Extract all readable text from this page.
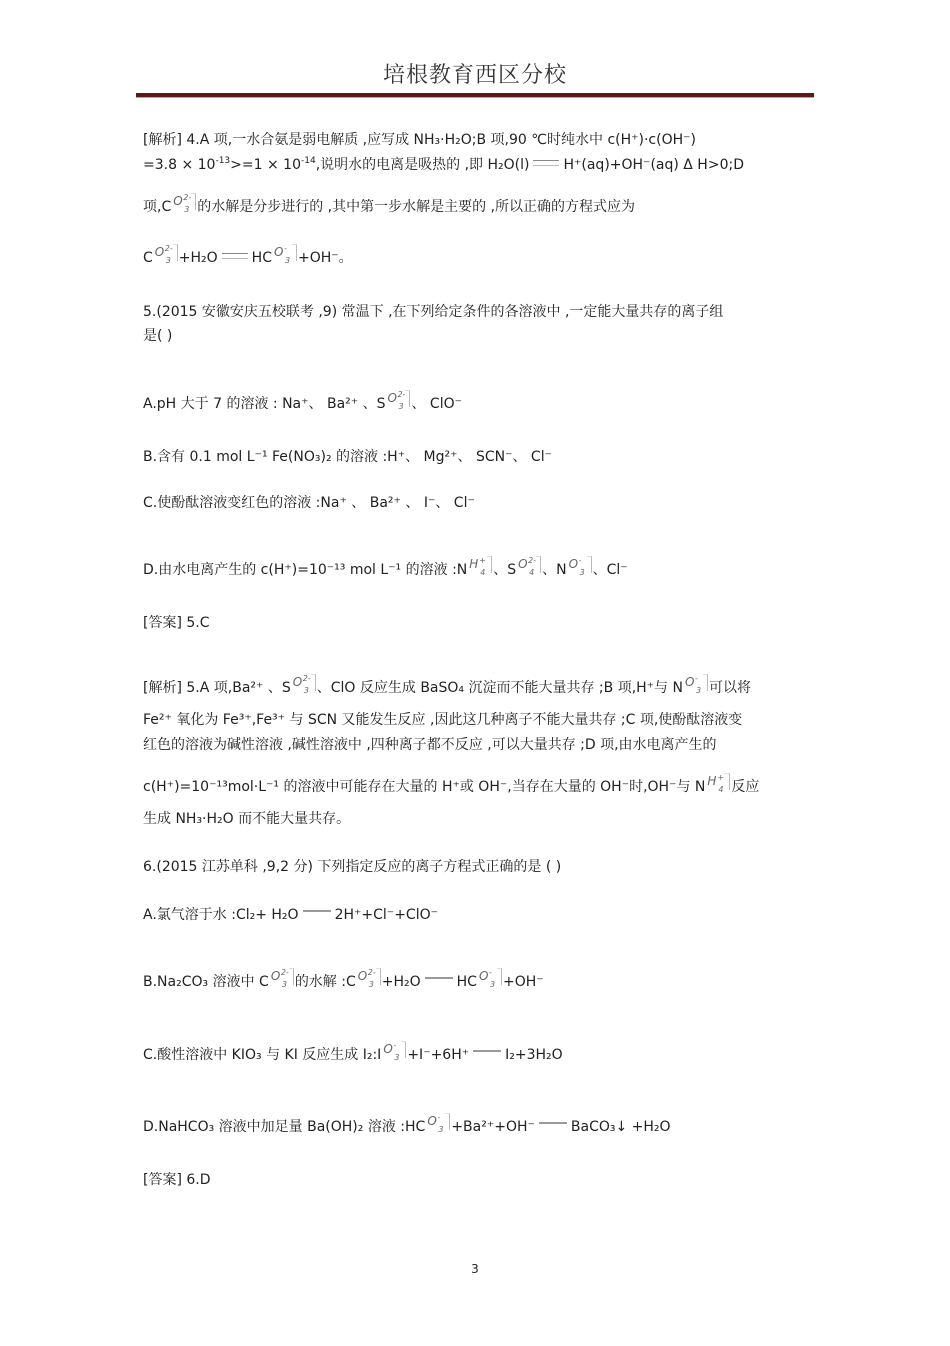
培根教育西区分校
[解析] 4.A 项,一水合氨是弱电解质 ,应写成 NH₃·H₂O;B 项,90 ℃时纯水中 c(H⁺)·c(OH⁻)
$=3.8 \times 10^{-13}>=1 \times 10^{-14}$,说明水的电离是吸热的 ,即 H₂O(l) H⁺(aq)+OH⁻(aq) Δ H>0;D
项,C O 2-
3 的水解是分步进行的 ,其中第一步水解是主要的 ,所以正确的方程式应为
C O 2-
3 +H₂O HC O -
3 +OH⁻。
5.(2015 安徽安庆五校联考 ,9) 常温下 ,在下列给定条件的各溶液中 ,一定能大量共存的离子组
是( )
A.pH 大于 7 的溶液 : Na⁺、 Ba²⁺ 、S O 2-
3 、 ClO⁻
B.含有 0.1 mol L⁻¹ Fe(NO₃)₂ 的溶液 :H⁺、 Mg²⁺、 SCN⁻、 Cl⁻
C.使酚酞溶液变红色的溶液 :Na⁺ 、 Ba²⁺ 、 I⁻、 Cl⁻
D.由水电离产生的 c(H⁺)=10⁻¹³ mol L⁻¹ 的溶液 :N H +
4 、S O 2-
4 、N O -
3 、Cl⁻
[答案] 5.C
[解析] 5.A 项,Ba²⁺ 、S O 2-
3 、ClO 反应生成 BaSO₄ 沉淀而不能大量共存 ;B 项,H⁺与 N O -
3 可以将
Fe²⁺ 氧化为 Fe³⁺,Fe³⁺ 与 SCN 又能发生反应 ,因此这几种离子不能大量共存 ;C 项,使酚酞溶液变
红色的溶液为碱性溶液 ,碱性溶液中 ,四种离子都不反应 ,可以大量共存 ;D 项,由水电离产生的
c(H⁺)=10⁻¹³mol·L⁻¹ 的溶液中可能存在大量的 H⁺或 OH⁻,当存在大量的 OH⁻时,OH⁻与 N H +
4 反应
生成 NH₃·H₂O 而不能大量共存。
6.(2015 江苏单科 ,9,2 分) 下列指定反应的离子方程式正确的是 ( )
A.氯气溶于水 :Cl₂+ H₂O	2H⁺+Cl⁻+ClO⁻
B.Na₂CO₃ 溶液中 C O 2-
3 的水解 :C O 2-
3 +H₂O	HC O -
3 +OH⁻
C.酸性溶液中 KIO₃ 与 KI 反应生成 I₂:I O -
3 +I⁻+6H⁺	I₂+3H₂O
D.NaHCO₃ 溶液中加足量 Ba(OH)₂ 溶液 :HC O -
3 +Ba²⁺+OH⁻	BaCO₃↓ +H₂O
[答案] 6.D
3
